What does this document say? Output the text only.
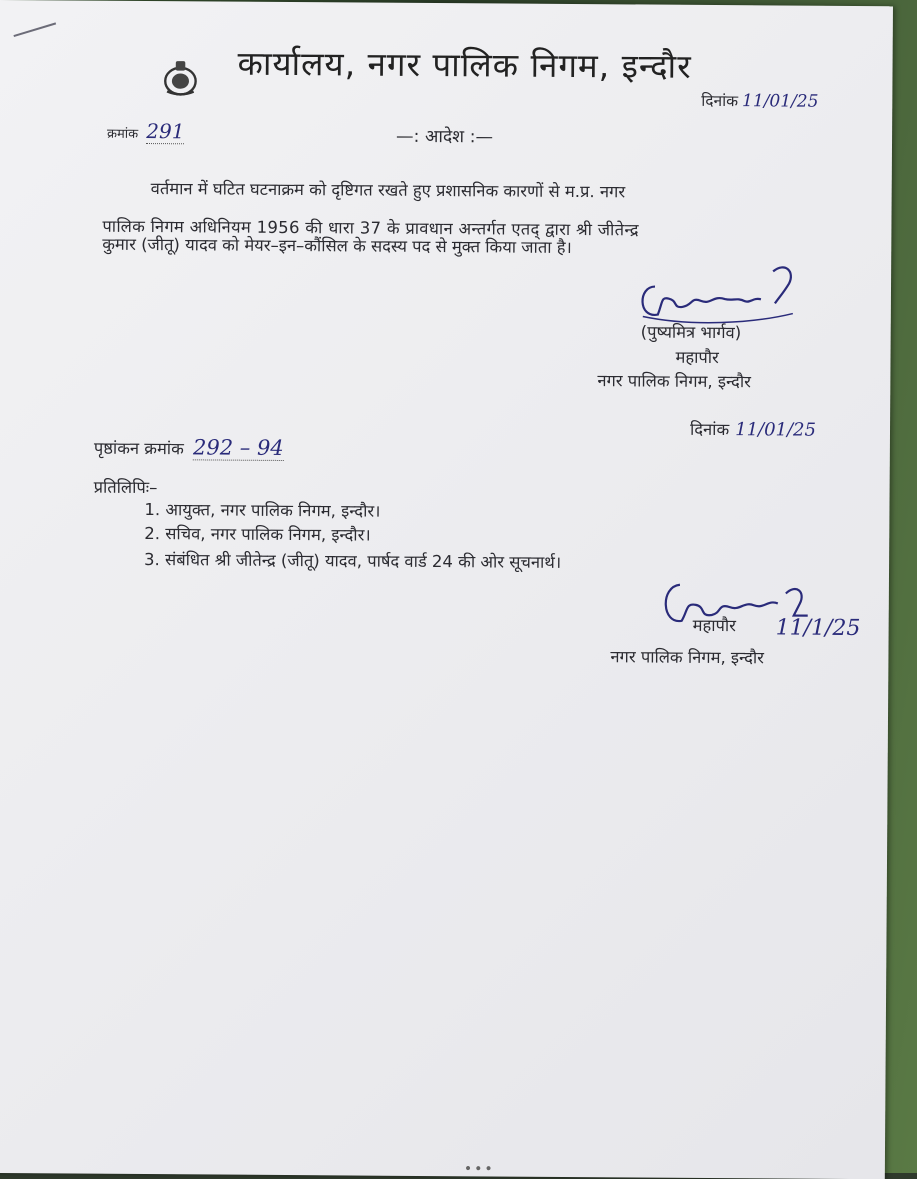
कार्यालय, नगर पालिक निगम, इन्दौर
दिनांक 11/01/25
क्रमांक 291	—: आदेश :—
वर्तमान में घटित घटनाक्रम को दृष्टिगत रखते हुए प्रशासनिक कारणों से म.प्र. नगर
पालिक निगम अधिनियम 1956 की धारा 37 के प्रावधान अन्तर्गत एतद् द्वारा श्री जीतेन्द्र
कुमार (जीतू) यादव को मेयर–इन–कौंसिल के सदस्य पद से मुक्त किया जाता है।
(पुष्यमित्र भार्गव)
महापौर
नगर पालिक निगम, इन्दौर
दिनांक 11/01/25
पृष्ठांकन क्रमांक 292 – 94
प्रतिलिपिः–
1. आयुक्त, नगर पालिक निगम, इन्दौर।
2. सचिव, नगर पालिक निगम, इन्दौर।
3. संबंधित श्री जीतेन्द्र (जीतू) यादव, पार्षद वार्ड 24 की ओर सूचनार्थ।
महापौर 11/1/25
नगर पालिक निगम, इन्दौर
•••
